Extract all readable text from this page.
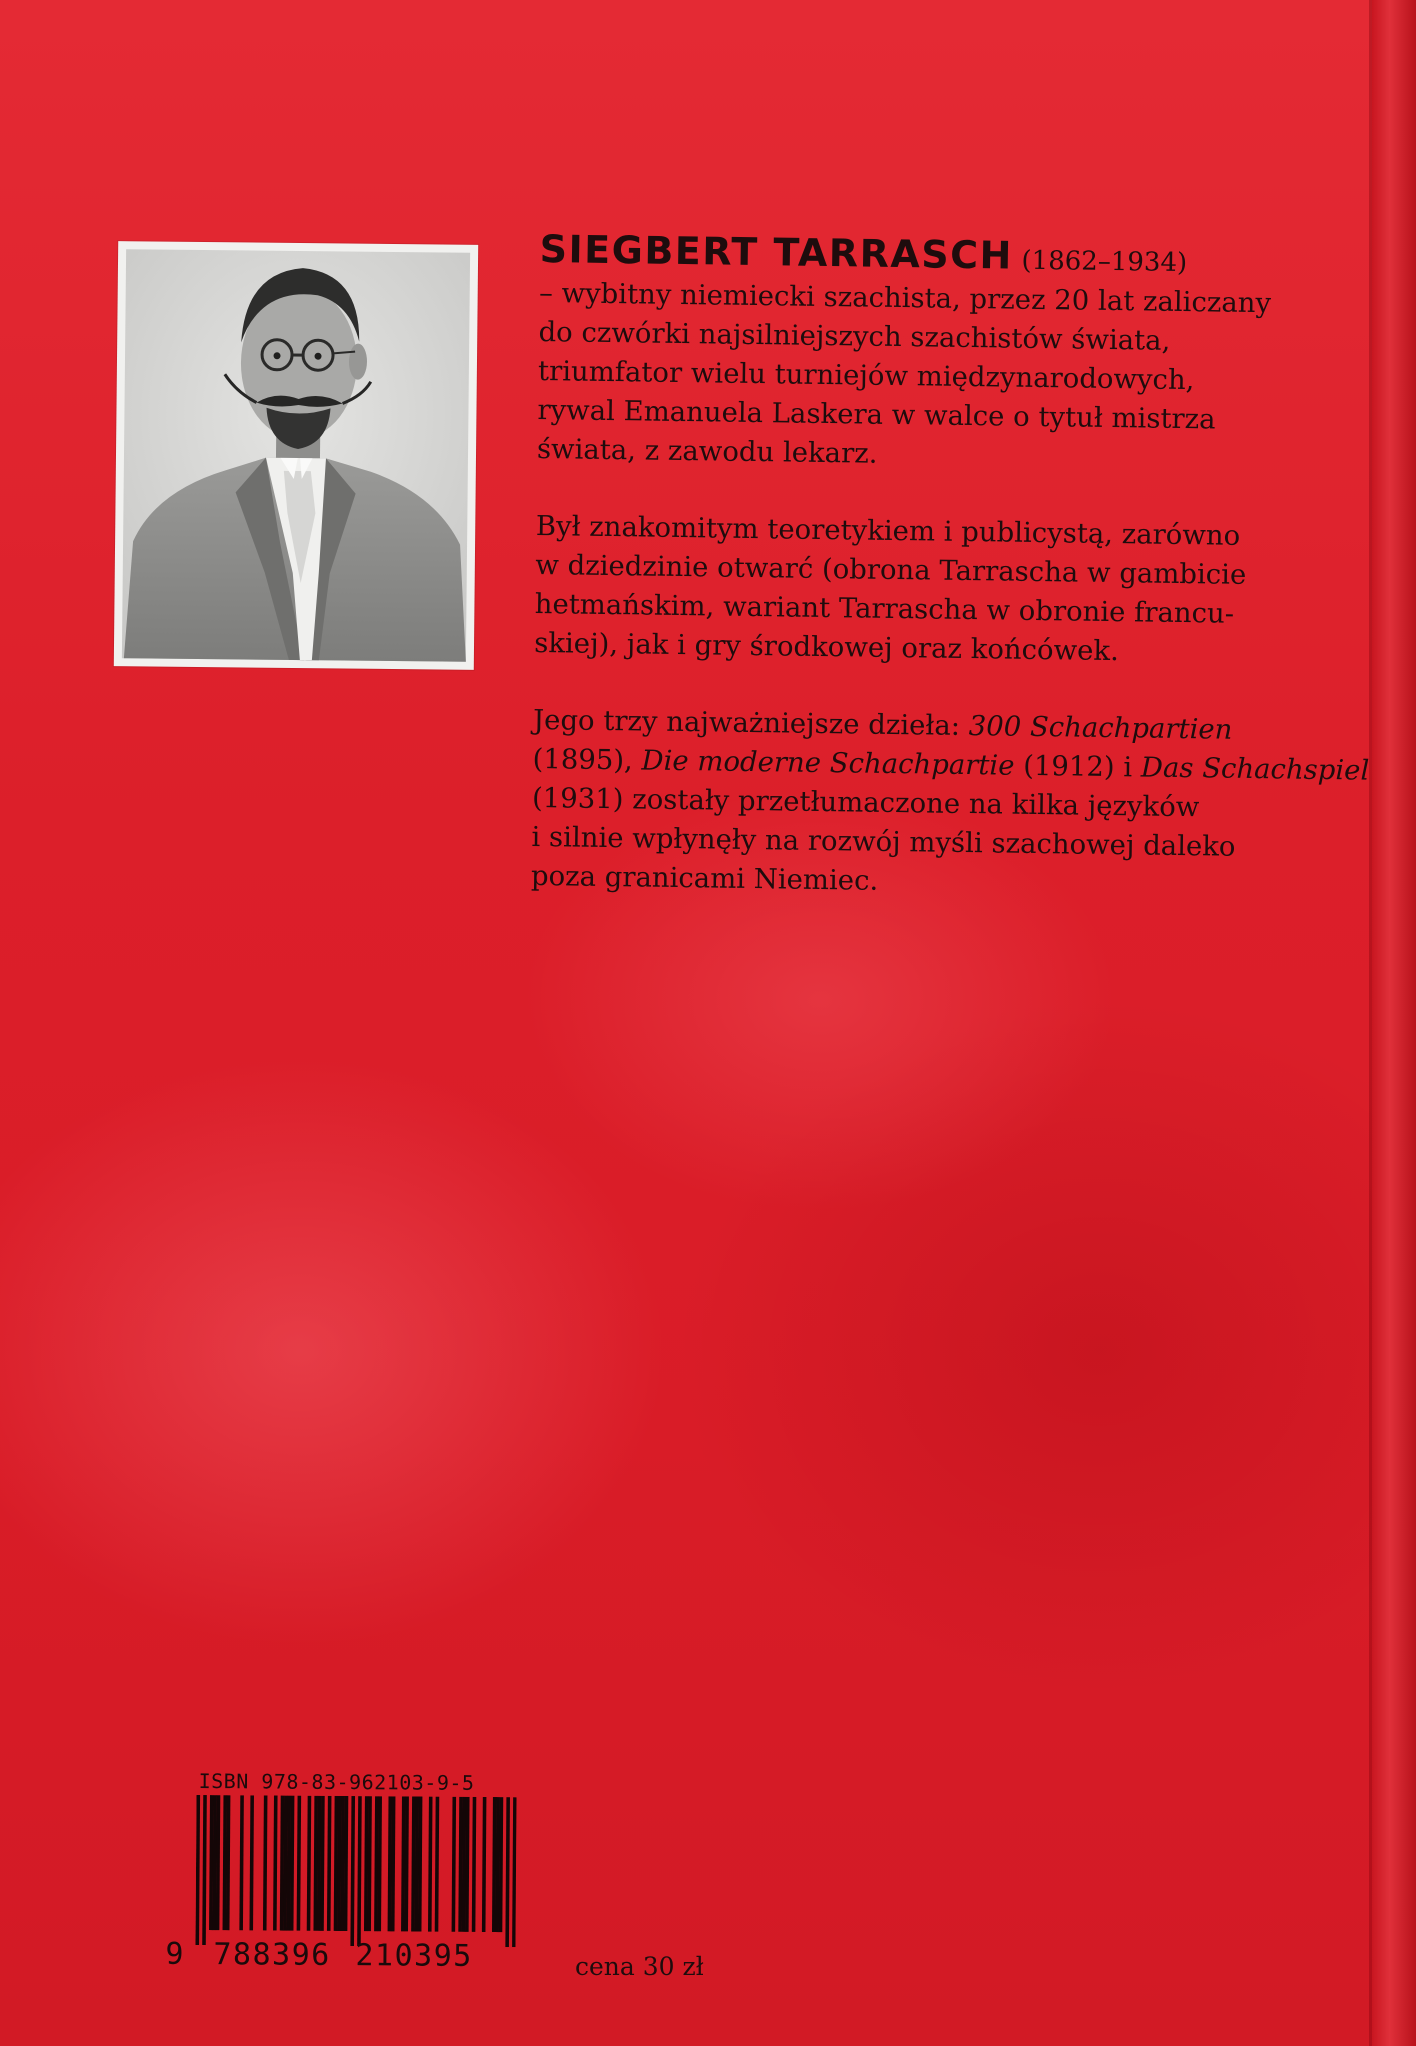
SIEGBERT TARRASCH (1862–1934)
– wybitny niemiecki szachista, przez 20 lat zaliczany
do czwórki najsilniejszych szachistów świata,
triumfator wielu turniejów międzynarodowych,
rywal Emanuela Laskera w walce o tytuł mistrza
świata, z zawodu lekarz.
Był znakomitym teoretykiem i publicystą, zarówno
w dziedzinie otwarć (obrona Tarrascha w gambicie
hetmańskim, wariant Tarrascha w obronie francu-
skiej), jak i gry środkowej oraz końcówek.
Jego trzy najważniejsze dzieła: 300 Schachpartien
(1895), Die moderne Schachpartie (1912) i Das Schachspiel
(1931) zostały przetłumaczone na kilka języków
i silnie wpłynęły na rozwój myśli szachowej daleko
poza granicami Niemiec.
ISBN 978-83-962103-9-5
9 788396 210395	cena 30 zł
